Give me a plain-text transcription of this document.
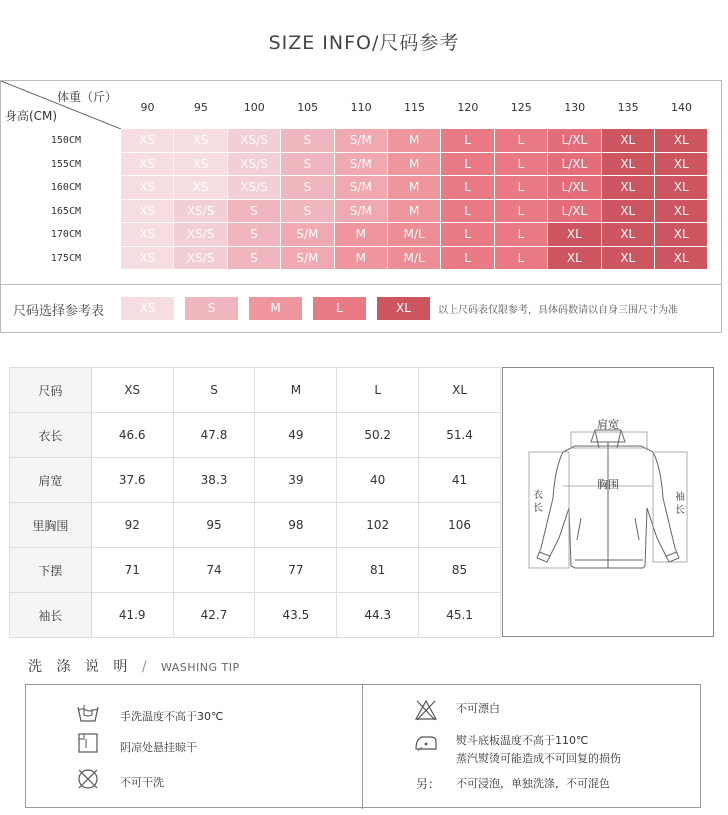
SIZE INFO/尺码参考
体重（斤）
身高(CM)
90	95	100	105	110	115	120	125	130	135	140
150CM	XS	XS	XS/S	S	S/M	M	L	L	L/XL	XL	XL
155CM	XS	XS	XS/S	S	S/M	M	L	L	L/XL	XL	XL
160CM	XS	XS	XS/S	S	S/M	M	L	L	L/XL	XL	XL
165CM	XS	XS/S	S	S	S/M	M	L	L	L/XL	XL	XL
170CM	XS	XS/S	S	S/M	M	M/L	L	L	XL	XL	XL
175CM	XS	XS/S	S	S/M	M	M/L	L	L	XL	XL	XL
尺码选择参考表	XS	S	M	L	XL	以上尺码表仅限参考，具体码数请以自身三围尺寸为准
尺码	XS	S	M	L	XL
衣长	46.6	47.8	49	50.2	51.4
肩宽	37.6	38.3	39	40	41
里胸围	92	95	98	102	106
下摆	71	74	77	81	85
袖长	41.9	42.7	43.5	44.3	45.1
肩宽
胸围
衣长
袖长
洗 涤 说 明 / WASHING TIP
手洗温度不高于30℃
阴凉处悬挂晾干
不可干洗
不可漂白
熨斗底板温度不高于110℃
蒸汽熨烫可能造成不可回复的损伤
另： 不可浸泡，单独洗涤，不可混色
